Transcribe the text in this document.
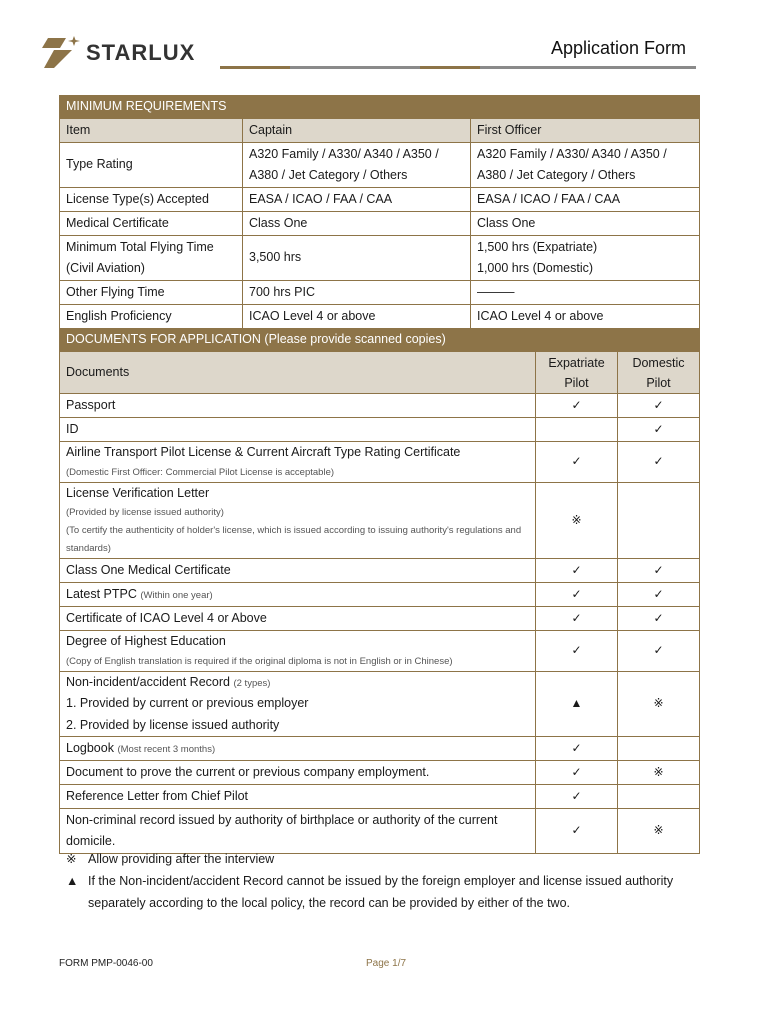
STARLUX	Application Form
MINIMUM REQUIREMENTS		
Item	Captain	First Officer
Type Rating	A320 Family / A330/ A340 / A350 / A380 / Jet Category / Others	A320 Family / A330/ A340 / A350 / A380 / Jet Category / Others
License Type(s) Accepted	EASA / ICAO / FAA / CAA	EASA / ICAO / FAA / CAA
Medical Certificate	Class One	Class One
Minimum Total Flying Time (Civil Aviation)	3,500 hrs	1,500 hrs (Expatriate)
1,000 hrs (Domestic)

Other Flying Time	700 hrs PIC	———
English Proficiency	ICAO Level 4 or above	ICAO Level 4 or above
DOCUMENTS FOR APPLICATION (Please provide scanned copies)		
Documents	Expatriate Pilot	Domestic Pilot
Passport	✓	✓
ID		✓

Airline Transport Pilot License & Current Aircraft Type Rating Certificate
(Domestic First Officer: Commercial Pilot License is acceptable)	✓	✓

License Verification Letter
(Provided by license issued authority)
(To certify the authenticity of holder's license, which is issued according to issuing authority's regulations and standards)	※	
Class One Medical Certificate	✓	✓
Latest PTPC (Within one year)	✓	✓
Certificate of ICAO Level 4 or Above	✓	✓

Degree of Highest Education
(Copy of English translation is required if the original diploma is not in English or in Chinese)	✓	✓

Non-incident/accident Record (2 types)
1. Provided by current or previous employer
2. Provided by license issued authority	▲	※
Logbook (Most recent 3 months)	✓	
Document to prove the current or previous company employment.	✓	※
Reference Letter from Chief Pilot	✓	
Non-criminal record issued by authority of birthplace or authority of the current domicile.	✓	※
※ Allow providing after the interview
▲ If the Non-incident/accident Record cannot be issued by the foreign employer and license issued authority separately according to the local policy, the record can be provided by either of the two.
FORM PMP-0046-00	Page 1/7
